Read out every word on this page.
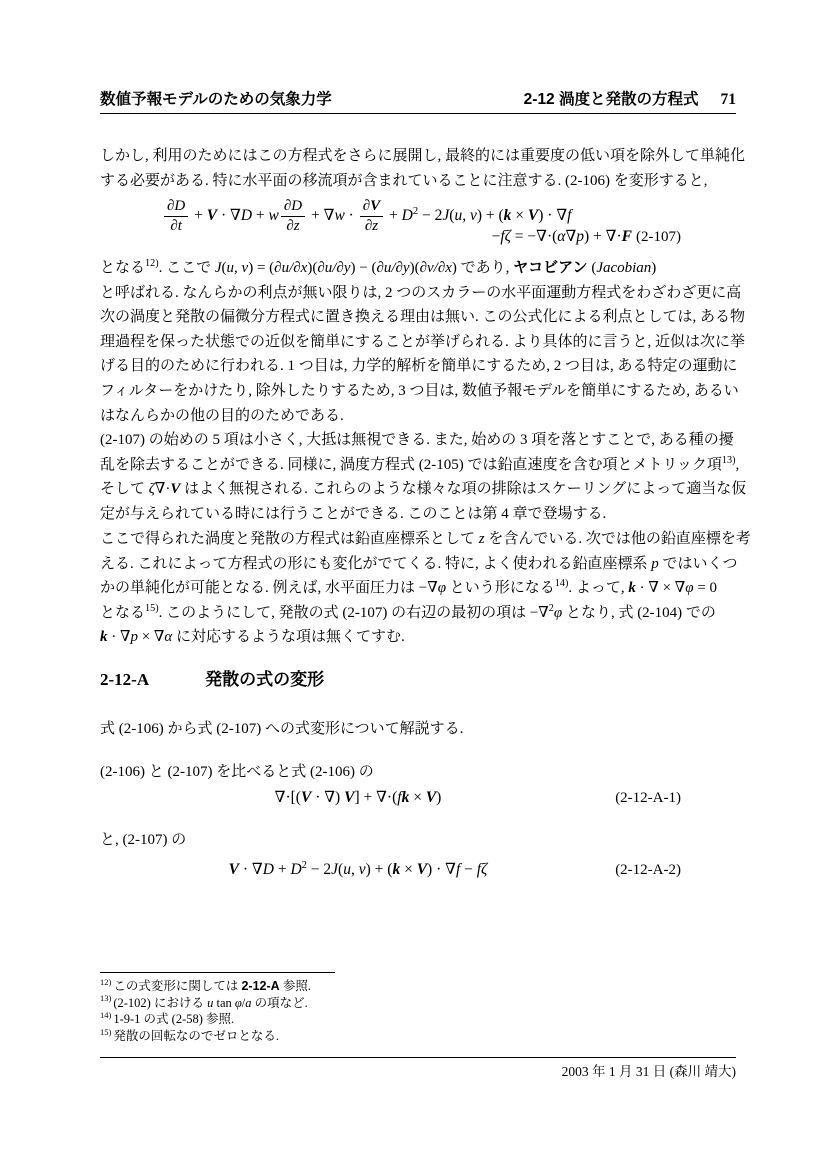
数値予報モデルのための気象力学	2-12 渦度と発散の方程式 71
しかし, 利用のためにはこの方程式をさらに展開し, 最終的には重要度の低い項を除外して単純化
する必要がある. 特に水平面の移流項が含まれていることに注意する. (2-106) を変形すると,
$\frac{\partial D}{\partial t} + V \cdot \nabla D + w \frac{\partial D}{\partial z} + \nabla w \cdot \frac{\partial V}{\partial z} + D^2 - 2J(u$, v) + (k × V) · ∇f
−fζ = −∇·(α∇p) + ∇·F (2-107)
となる$^{12)}$. ここで J(u, v) = (∂u/∂x)(∂u/∂y) − (∂u/∂y)(∂v/∂x) であり, ヤコビアン (Jacobian)
と呼ばれる. なんらかの利点が無い限りは, 2 つのスカラーの水平面運動方程式をわざわざ更に高
次の渦度と発散の偏微分方程式に置き換える理由は無い. この公式化による利点としては, ある物
理過程を保った状態での近似を簡単にすることが挙げられる. より具体的に言うと, 近似は次に挙
げる目的のために行われる. 1 つ目は, 力学的解析を簡単にするため, 2 つ目は, ある特定の運動に
フィルターをかけたり, 除外したりするため, 3 つ目は, 数値予報モデルを簡単にするため, あるい
はなんらかの他の目的のためである.
(2-107) の始めの 5 項は小さく, 大抵は無視できる. また, 始めの 3 項を落とすことで, ある種の擾
乱を除去することができる. 同様に, 渦度方程式 (2-105) では鉛直速度を含む項とメトリック項$^{13)}$,
そして ζ∇·V はよく無視される. これらのような様々な項の排除はスケーリングによって適当な仮
定が与えられている時には行うことができる. このことは第 4 章で登場する.
ここで得られた渦度と発散の方程式は鉛直座標系として z を含んでいる. 次では他の鉛直座標を考
える. これによって方程式の形にも変化がでてくる. 特に, よく使われる鉛直座標系 p ではいくつ
かの単純化が可能となる. 例えば, 水平面圧力は −∇φ という形になる$^{14)}$. よって, k · ∇ × ∇φ = 0
となる$^{15)}$. このようにして, 発散の式 (2-107) の右辺の最初の項は −∇$^2$φ となり, 式 (2-104) での
k · ∇p × ∇α に対応するような項は無くてすむ.
2-12-A	発散の式の変形
式 (2-106) から式 (2-107) への式変形について解説する.
(2-106) と (2-107) を比べると式 (2-106) の
∇·[(V · ∇) V] + ∇·(fk × V)	(2-12-A-1)
と, (2-107) の
$V \cdot \nabla D + D^2 - 2J(u$, v) + (k × V) · ∇f − fζ	(2-12-A-2)
$^{12)}$ この式変形に関しては 2-12-A 参照.
$^{13)}$ (2-102) における u tan φ/a の項など.
$^{14)}$ 1-9-1 の式 (2-58) 参照.
$^{15)}$ 発散の回転なのでゼロとなる.
2003 年 1 月 31 日 (森川 靖大)
